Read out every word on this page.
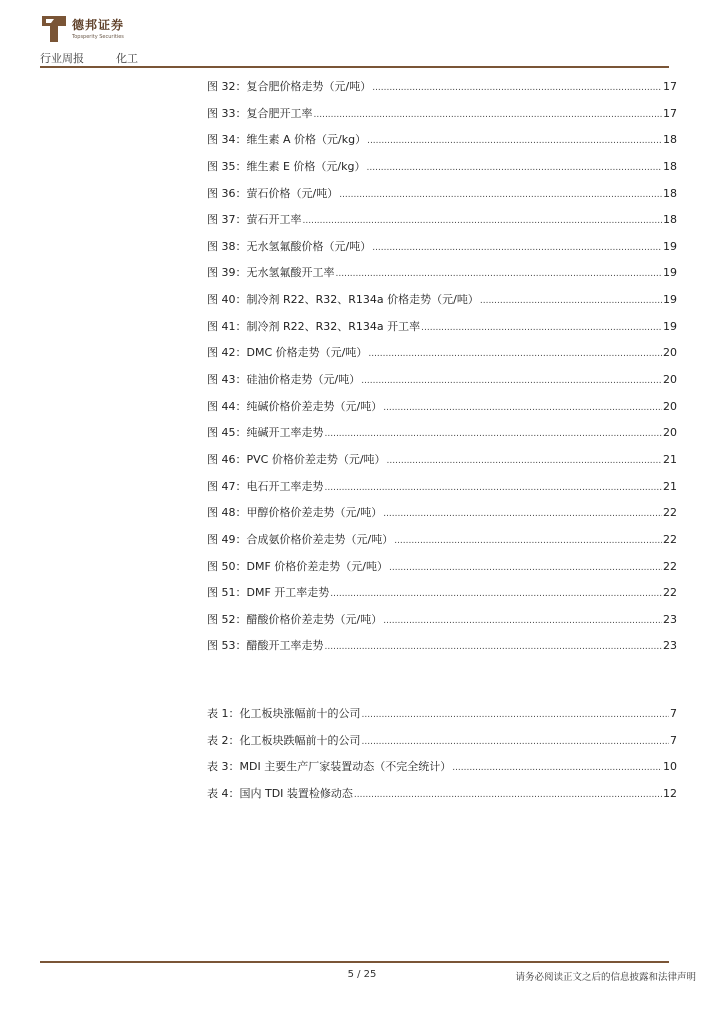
德邦证券
Topsperity Securities
行业周报	化工
图 32：复合肥价格走势（元/吨） .....	17
图 33：复合肥开工率 .....	17
图 34：维生素 A 价格（元/kg） .....	18
图 35：维生素 E 价格（元/kg） .....	18
图 36：萤石价格（元/吨） .....	18
图 37：萤石开工率 .....	18
图 38：无水氢氟酸价格（元/吨） .....	19
图 39：无水氢氟酸开工率 .....	19
图 40：制冷剂 R22、R32、R134a 价格走势（元/吨） .....	19
图 41：制冷剂 R22、R32、R134a 开工率 .....	19
图 42：DMC 价格走势（元/吨） .....	20
图 43：硅油价格走势（元/吨） .....	20
图 44：纯碱价格价差走势（元/吨） .....	20
图 45：纯碱开工率走势 .....	20
图 46：PVC 价格价差走势（元/吨） .....	21
图 47：电石开工率走势 .....	21
图 48：甲醇价格价差走势（元/吨） .....	22
图 49：合成氨价格价差走势（元/吨） .....	22
图 50：DMF 价格价差走势（元/吨） .....	22
图 51：DMF 开工率走势 .....	22
图 52：醋酸价格价差走势（元/吨） .....	23
图 53：醋酸开工率走势 .....	23
表 1：化工板块涨幅前十的公司 .....	7
表 2：化工板块跌幅前十的公司 .....	7
表 3：MDI 主要生产厂家装置动态（不完全统计） .....	10
表 4：国内 TDI 装置检修动态 .....	12
5 / 25	请务必阅读正文之后的信息披露和法律声明
